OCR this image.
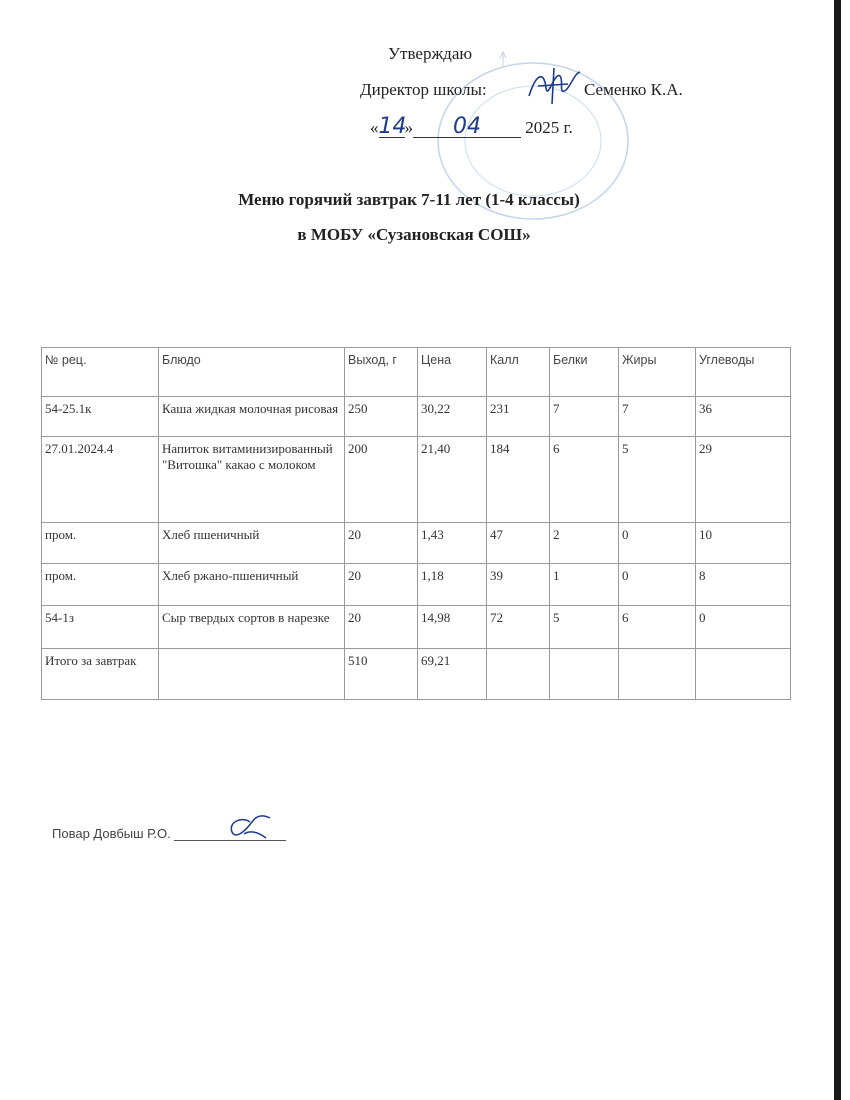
Утверждаю
Директор школы:	Семенко К.А.
«14» 04	2025 г.
Меню горячий завтрак 7-11 лет (1-4 классы)
в МОБУ «Сузановская СОШ»
№ рец.	Блюдо	Выход, г	Цена	Калл	Белки	Жиры	Углеводы
54-25.1к	Каша жидкая молочная рисовая	250	30,22	231	7	7	36
27.01.2024.4	Напиток витаминизированный "Витошка" какао с молоком	200	21,40	184	6	5	29
пром.	Хлеб пшеничный	20	1,43	47	2	0	10
пром.	Хлеб ржано-пшеничный	20	1,18	39	1	0	8
54-1з	Сыр твердых сортов в нарезке	20	14,98	72	5	6	0
Итого за завтрак		510	69,21				
Повар Довбыш Р.О.
